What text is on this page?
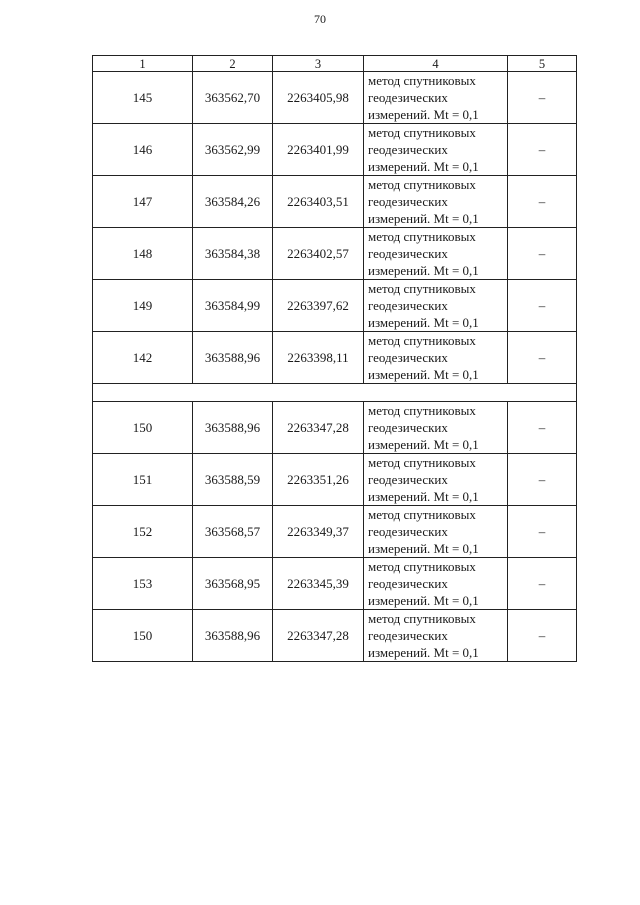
70
1	2	3	4	5
145	363562,70	2263405,98	метод спутниковых
геодезических
измерений. Mt = 0,1	–
146	363562,99	2263401,99	метод спутниковых
геодезических
измерений. Mt = 0,1	–
147	363584,26	2263403,51	метод спутниковых
геодезических
измерений. Mt = 0,1	–
148	363584,38	2263402,57	метод спутниковых
геодезических
измерений. Mt = 0,1	–
149	363584,99	2263397,62	метод спутниковых
геодезических
измерений. Mt = 0,1	–
142	363588,96	2263398,11	метод спутниковых
геодезических
измерений. Mt = 0,1	–

150	363588,96	2263347,28	метод спутниковых
геодезических
измерений. Mt = 0,1	–
151	363588,59	2263351,26	метод спутниковых
геодезических
измерений. Mt = 0,1	–
152	363568,57	2263349,37	метод спутниковых
геодезических
измерений. Mt = 0,1	–
153	363568,95	2263345,39	метод спутниковых
геодезических
измерений. Mt = 0,1	–
150	363588,96	2263347,28	метод спутниковых
геодезических
измерений. Mt = 0,1	–
